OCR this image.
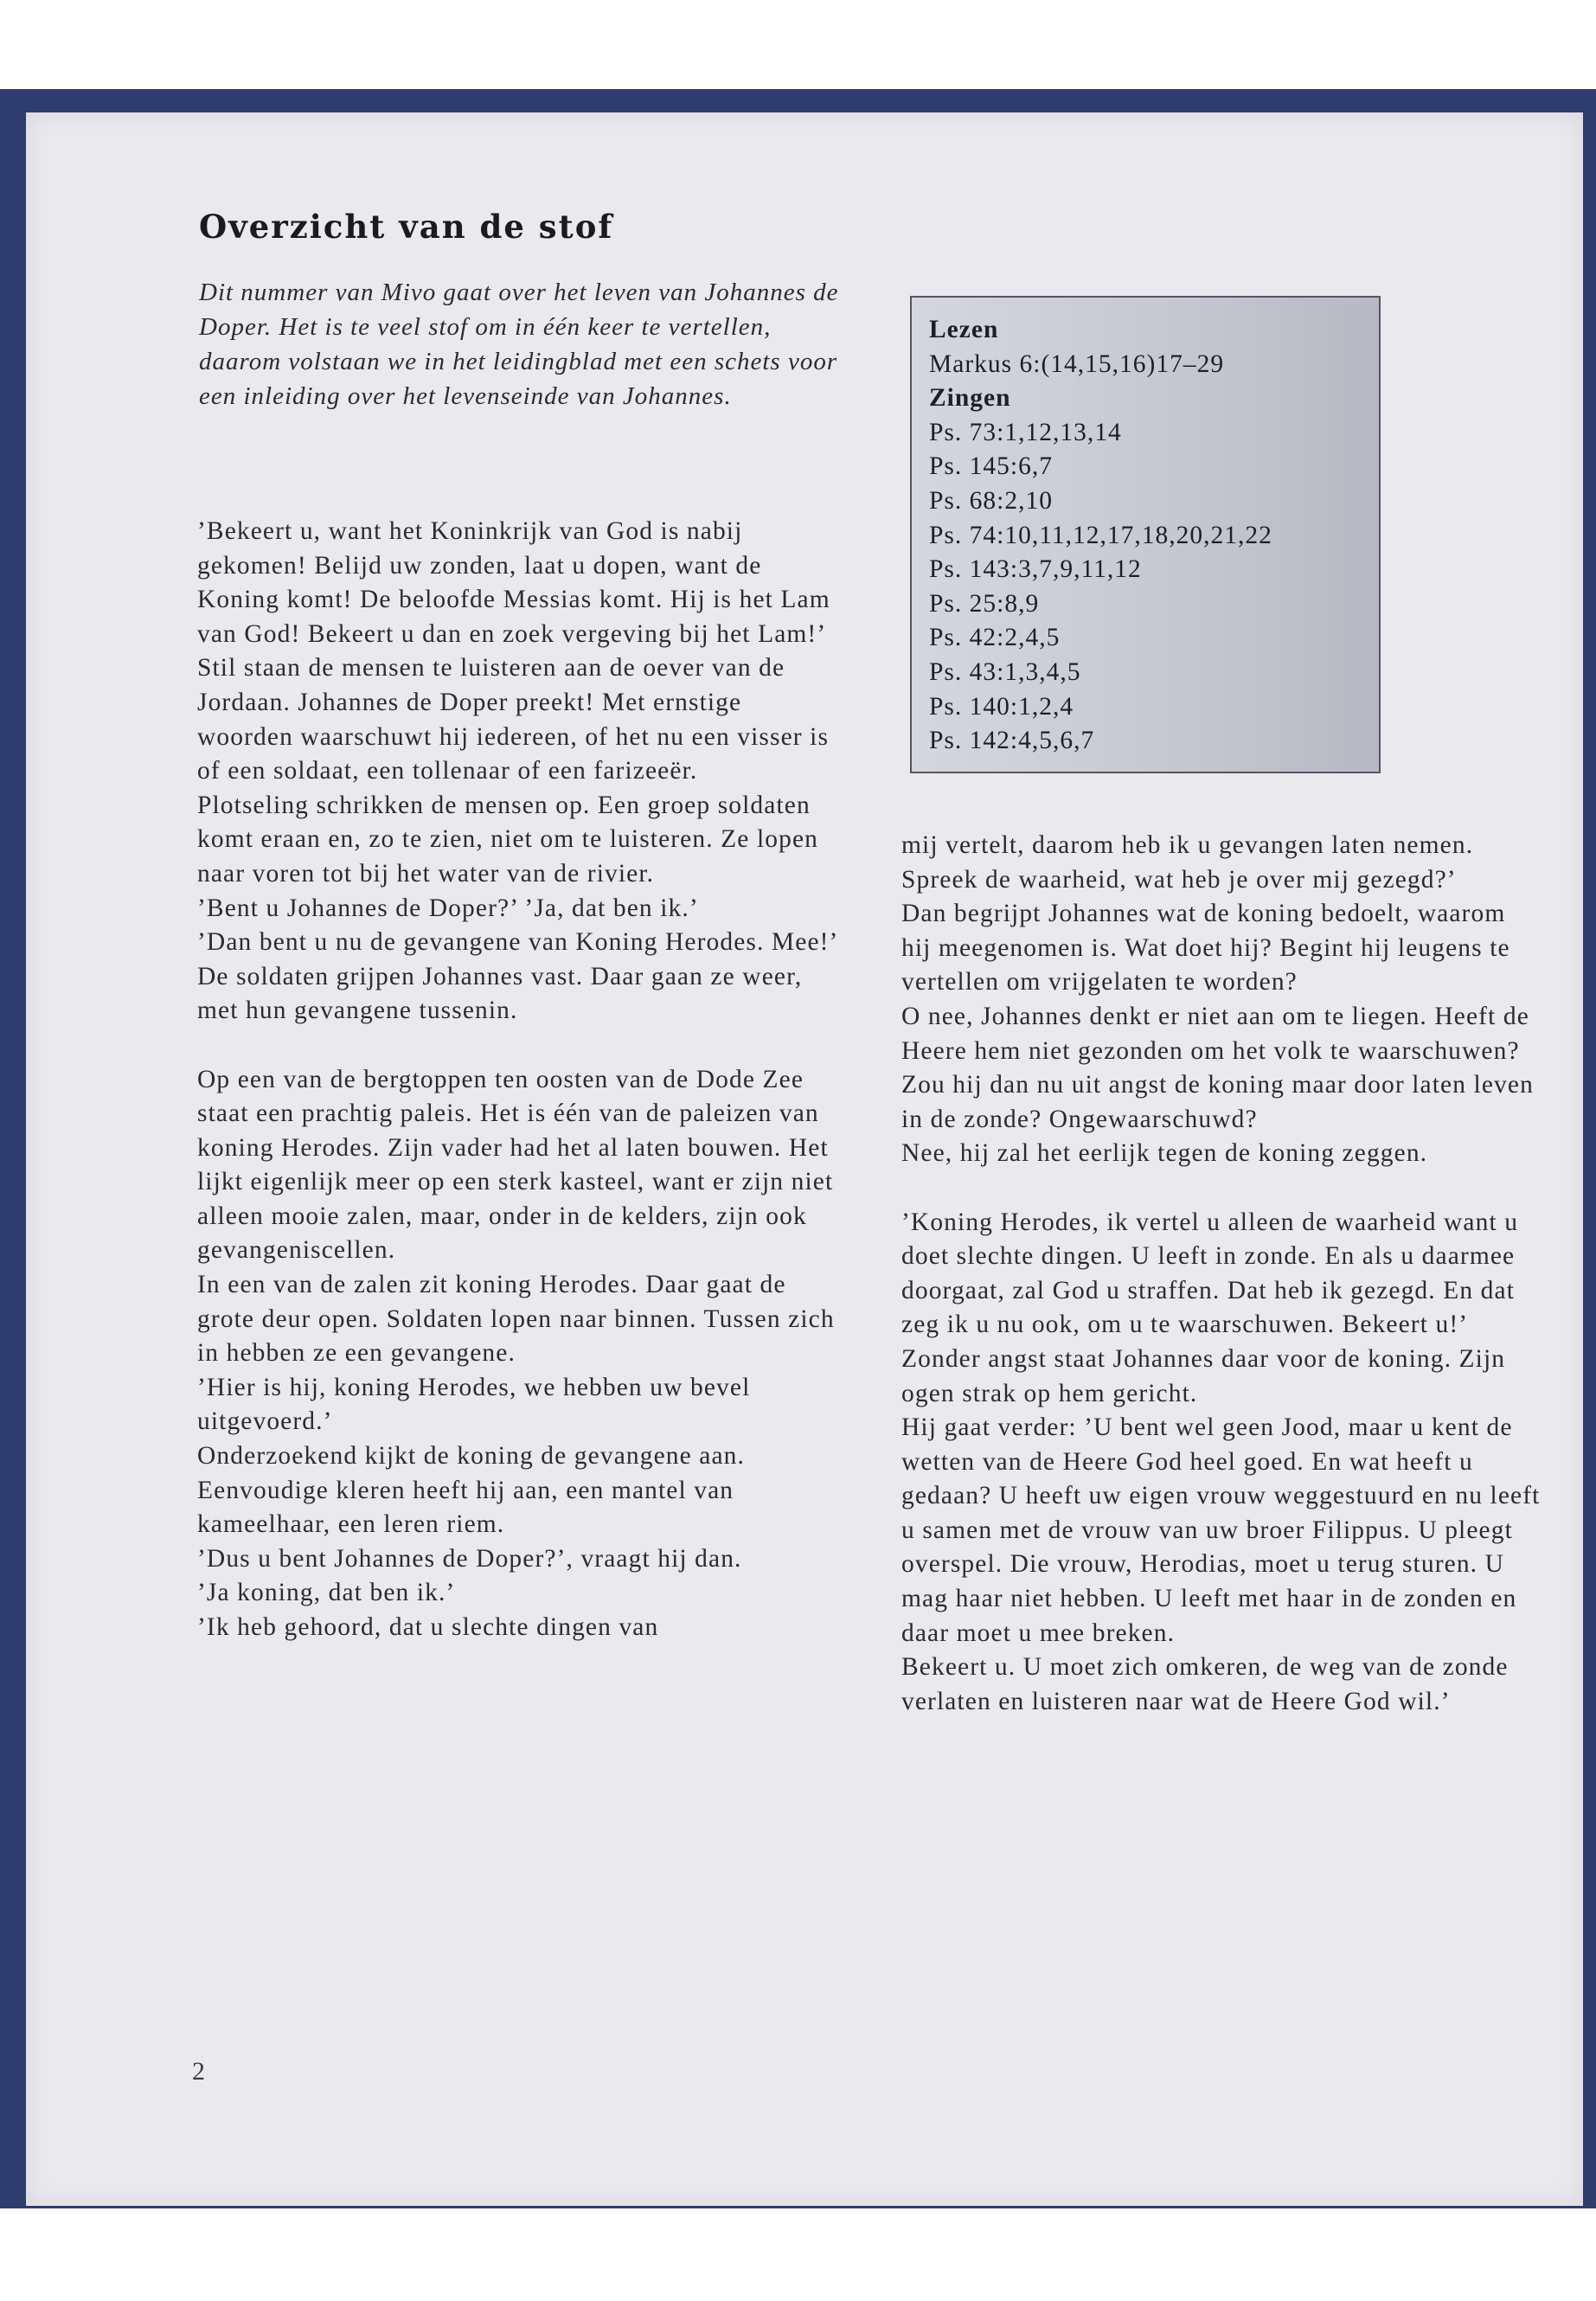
Overzicht van de stof

Dit nummer van Mivo gaat over het leven van Johannes de Doper. Het is te veel stof om in één keer te vertellen, daarom volstaan we in het leidingblad met een schets voor een inleiding over het levenseinde van Johannes.

Lezen
Markus 6:(14,15,16)17–29
Zingen
Ps. 73:1,12,13,14
Ps. 145:6,7
Ps. 68:2,10
Ps. 74:10,11,12,17,18,20,21,22
Ps. 143:3,7,9,11,12
Ps. 25:8,9
Ps. 42:2,4,5
Ps. 43:1,3,4,5
Ps. 140:1,2,4
Ps. 142:4,5,6,7

’Bekeert u, want het Koninkrijk van God is nabij gekomen! Belijd uw zonden, laat u dopen, want de Koning komt! De beloofde Messias komt. Hij is het Lam van God! Bekeert u dan en zoek vergeving bij het Lam!’

Stil staan de mensen te luisteren aan de oever van de Jordaan. Johannes de Doper preekt! Met ernstige woorden waarschuwt hij iedereen, of het nu een visser is of een soldaat, een tollenaar of een farizeeër.

Plotseling schrikken de mensen op. Een groep soldaten komt eraan en, zo te zien, niet om te luisteren. Ze lopen naar voren tot bij het water van de rivier.

’Bent u Johannes de Doper?’ ’Ja, dat ben ik.’

’Dan bent u nu de gevangene van Koning Herodes. Mee!’ De soldaten grijpen Johannes vast. Daar gaan ze weer, met hun gevangene tussenin.

Op een van de bergtoppen ten oosten van de Dode Zee staat een prachtig paleis. Het is één van de paleizen van koning Herodes. Zijn vader had het al laten bouwen. Het lijkt eigenlijk meer op een sterk kasteel, want er zijn niet alleen mooie zalen, maar, onder in de kelders, zijn ook gevangeniscellen.

In een van de zalen zit koning Herodes. Daar gaat de grote deur open. Soldaten lopen naar binnen. Tussen zich in hebben ze een gevangene.

’Hier is hij, koning Herodes, we hebben uw bevel uitgevoerd.’

Onderzoekend kijkt de koning de gevangene aan. Eenvoudige kleren heeft hij aan, een mantel van kameelhaar, een leren riem.

’Dus u bent Johannes de Doper?’, vraagt hij dan.

’Ja koning, dat ben ik.’

’Ik heb gehoord, dat u slechte dingen van

mij vertelt, daarom heb ik u gevangen laten nemen. Spreek de waarheid, wat heb je over mij gezegd?’

Dan begrijpt Johannes wat de koning bedoelt, waarom hij meegenomen is. Wat doet hij? Begint hij leugens te vertellen om vrijgelaten te worden?

O nee, Johannes denkt er niet aan om te liegen. Heeft de Heere hem niet gezonden om het volk te waarschuwen? Zou hij dan nu uit angst de koning maar door laten leven in de zonde? Ongewaarschuwd?

Nee, hij zal het eerlijk tegen de koning zeggen.

’Koning Herodes, ik vertel u alleen de waarheid want u doet slechte dingen. U leeft in zonde. En als u daarmee doorgaat, zal God u straffen. Dat heb ik gezegd. En dat zeg ik u nu ook, om u te waarschuwen. Bekeert u!’

Zonder angst staat Johannes daar voor de koning. Zijn ogen strak op hem gericht.

Hij gaat verder: ’U bent wel geen Jood, maar u kent de wetten van de Heere God heel goed. En wat heeft u gedaan? U heeft uw eigen vrouw weggestuurd en nu leeft u samen met de vrouw van uw broer Filippus. U pleegt overspel. Die vrouw, Herodias, moet u terug sturen. U mag haar niet hebben. U leeft met haar in de zonden en daar moet u mee breken.

Bekeert u. U moet zich omkeren, de weg van de zonde verlaten en luisteren naar wat de Heere God wil.’

2
